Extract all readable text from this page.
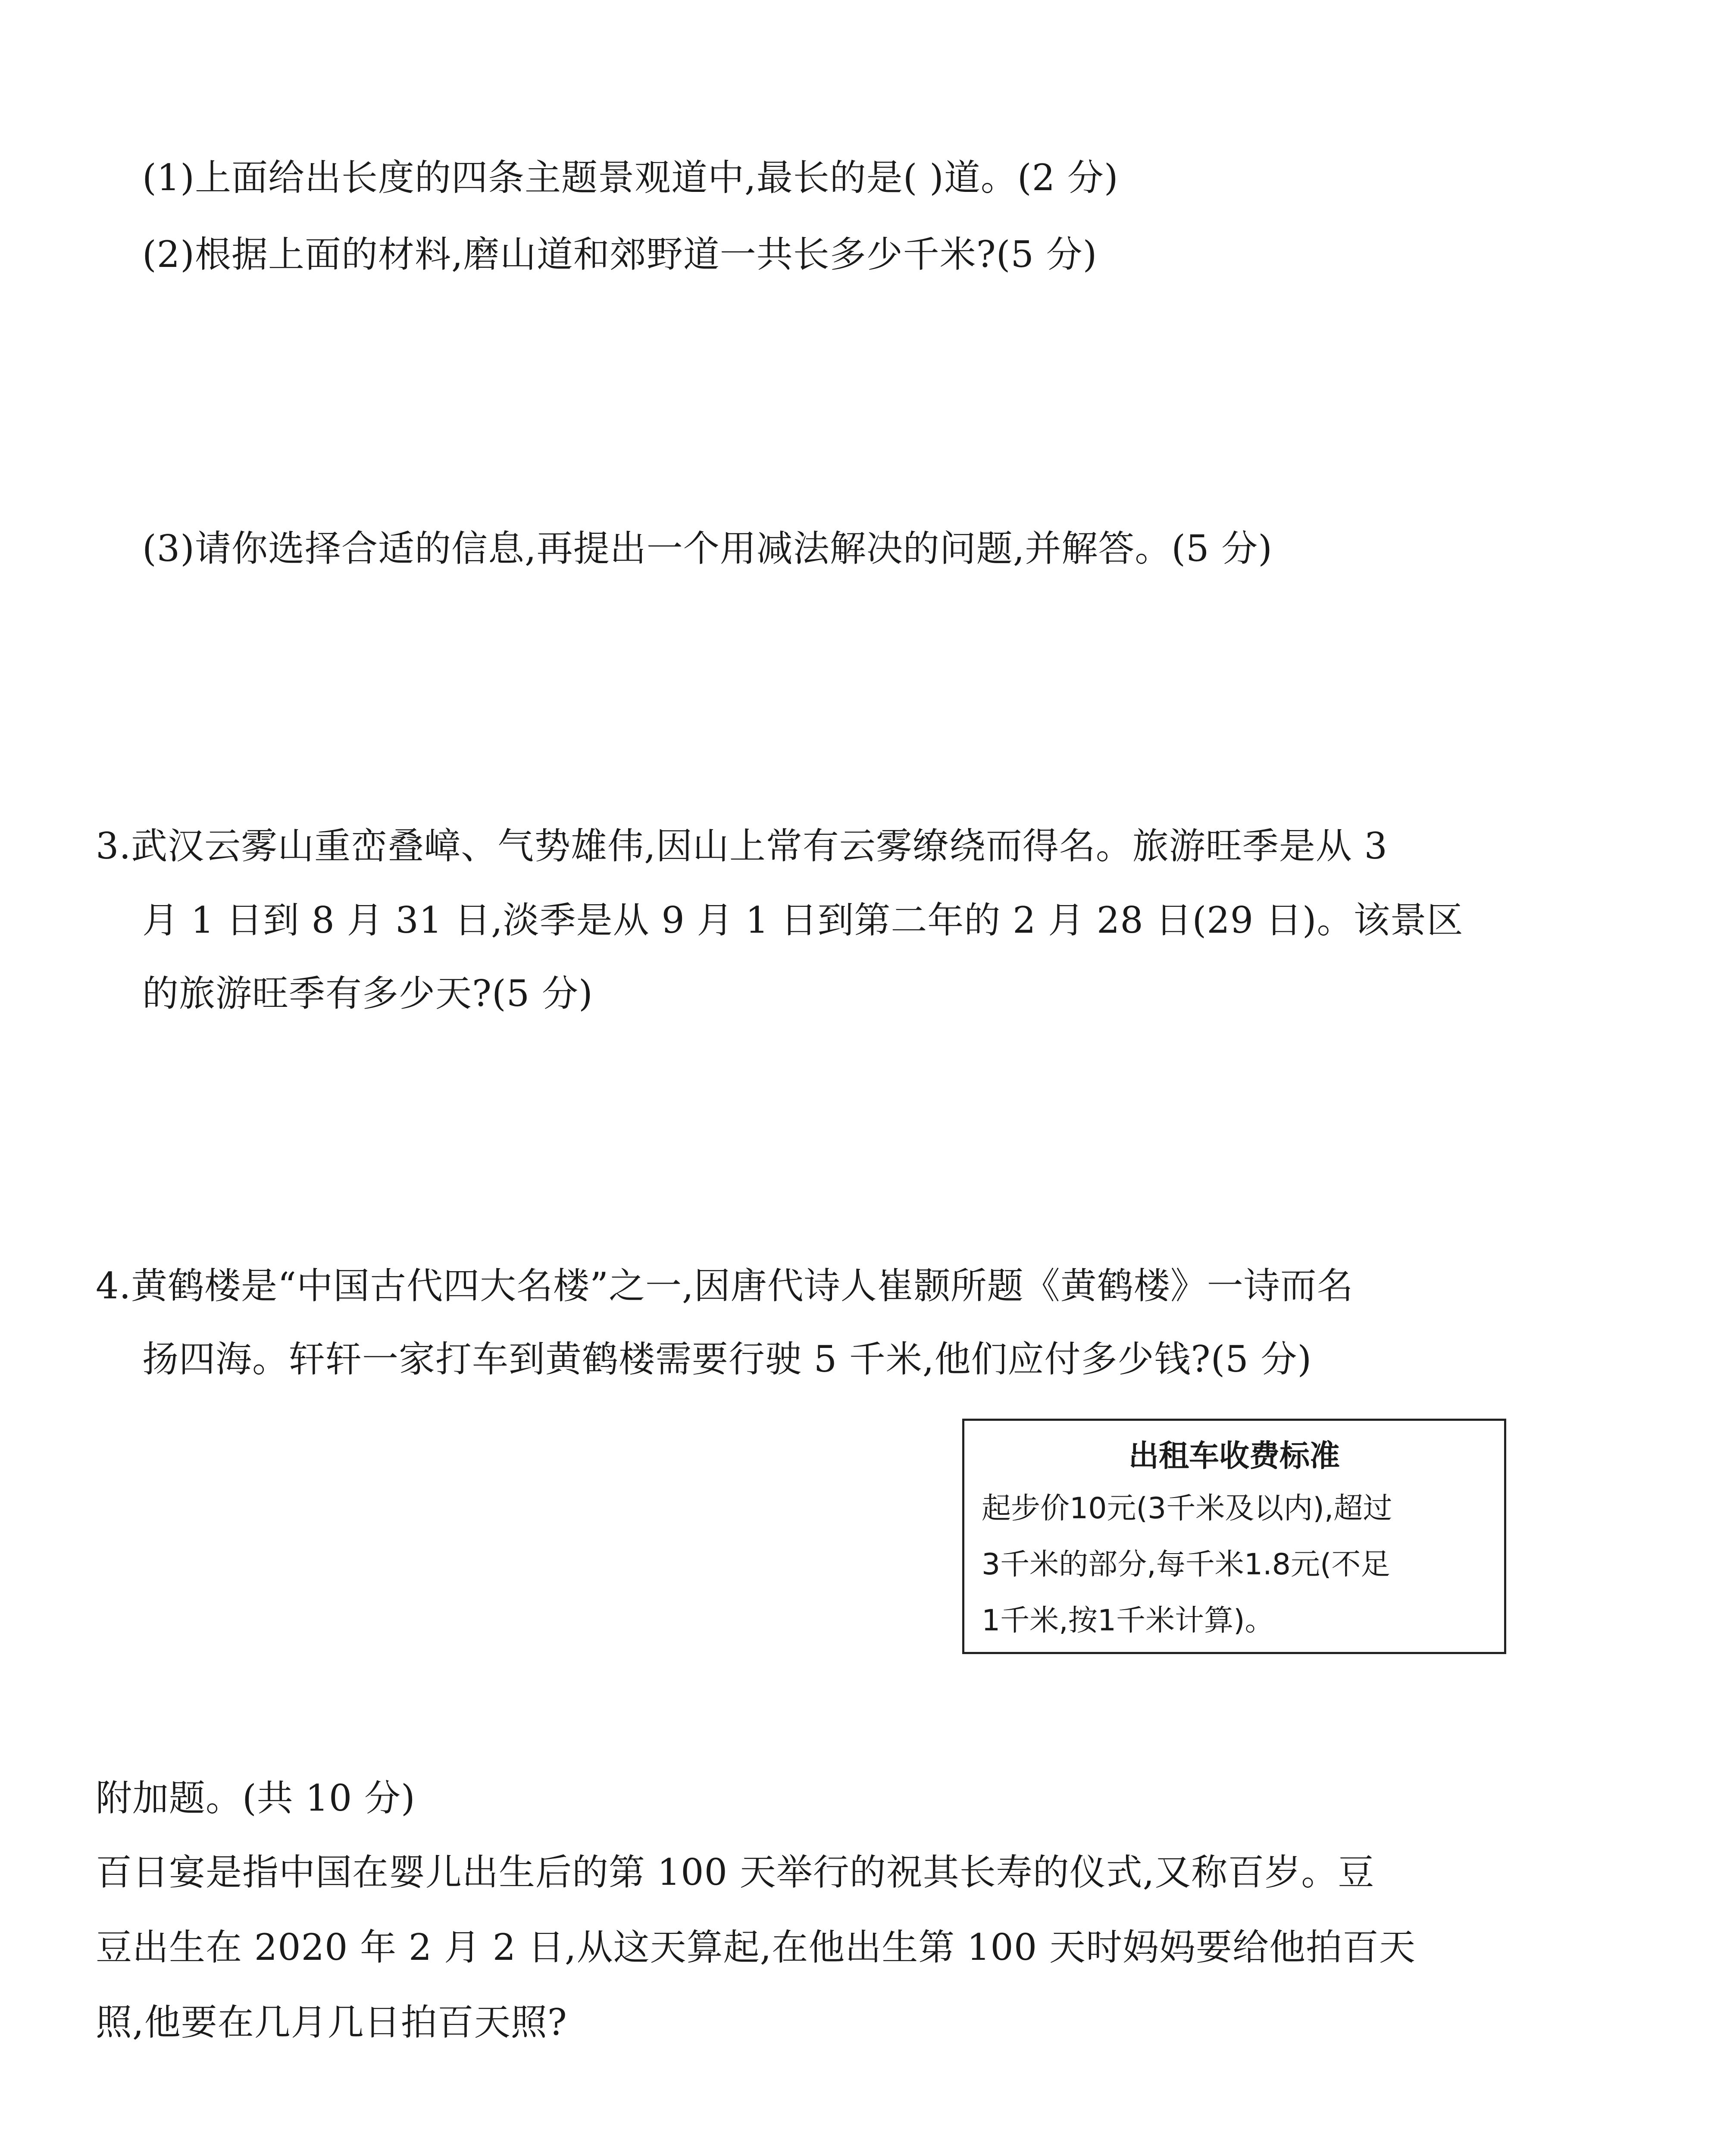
(1)上面给出长度的四条主题景观道中,最长的是( )道。(2 分)
(2)根据上面的材料,磨山道和郊野道一共长多少千米?(5 分)
(3)请你选择合适的信息,再提出一个用减法解决的问题,并解答。(5 分)
3.武汉云雾山重峦叠嶂、气势雄伟,因山上常有云雾缭绕而得名。旅游旺季是从 3
月 1 日到 8 月 31 日,淡季是从 9 月 1 日到第二年的 2 月 28 日(29 日)。该景区
的旅游旺季有多少天?(5 分)
4.黄鹤楼是“中国古代四大名楼”之一,因唐代诗人崔颢所题《黄鹤楼》一诗而名
扬四海。轩轩一家打车到黄鹤楼需要行驶 5 千米,他们应付多少钱?(5 分)
出租车收费标准
起步价10元(3千米及以内),超过
3千米的部分,每千米1.8元(不足
1千米,按1千米计算)。
附加题。(共 10 分)
百日宴是指中国在婴儿出生后的第 100 天举行的祝其长寿的仪式,又称百岁。豆
豆出生在 2020 年 2 月 2 日,从这天算起,在他出生第 100 天时妈妈要给他拍百天
照,他要在几月几日拍百天照?
